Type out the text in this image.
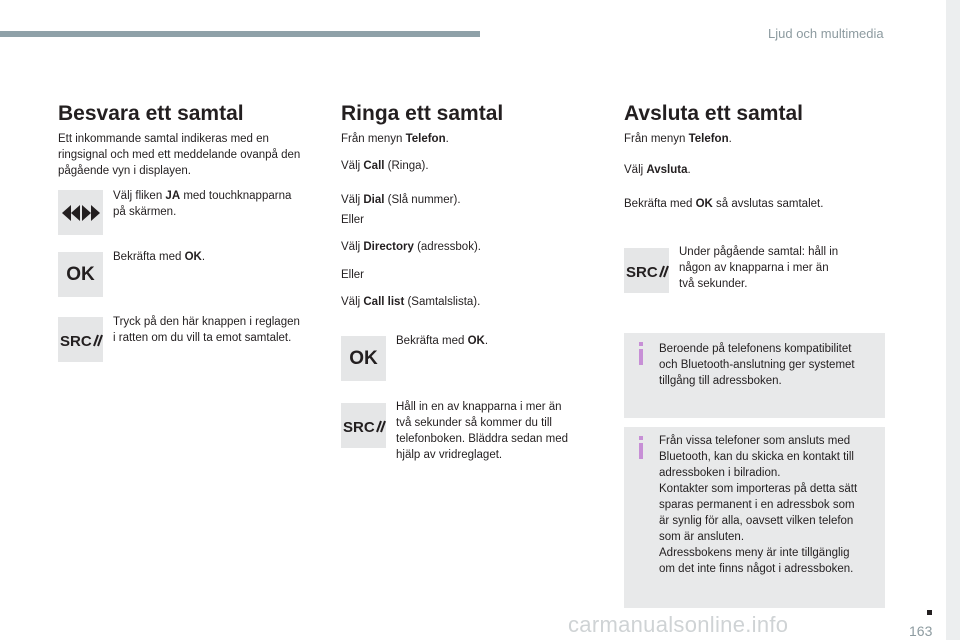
Ljud och multimedia
Besvara ett samtal
Ett inkommande samtal indikeras med en
ringsignal och med ett meddelande ovanpå den
pågående vyn i displayen.
Välj fliken JA med touchknapparna
på skärmen.
OK
Bekräfta med OK.
SRC
Tryck på den här knappen i reglagen
i ratten om du vill ta emot samtalet.
Ringa ett samtal
Från menyn Telefon.
Välj Call (Ringa).
Välj Dial (Slå nummer).
Eller
Välj Directory (adressbok).
Eller
Välj Call list (Samtalslista).
OK
Bekräfta med OK.
SRC
Håll in en av knapparna i mer än
två sekunder så kommer du till
telefonboken. Bläddra sedan med
hjälp av vridreglaget.
Avsluta ett samtal
Från menyn Telefon.
Välj Avsluta.
Bekräfta med OK så avslutas samtalet.
SRC
Under pågående samtal: håll in
någon av knapparna i mer än
två sekunder.
Beroende på telefonens kompatibilitet
och Bluetooth-anslutning ger systemet
tillgång till adressboken.
Från vissa telefoner som ansluts med
Bluetooth, kan du skicka en kontakt till
adressboken i bilradion.
Kontakter som importeras på detta sätt
sparas permanent i en adressbok som
är synlig för alla, oavsett vilken telefon
som är ansluten.
Adressbokens meny är inte tillgänglig
om det inte finns något i adressboken.
carmanualsonline.info	163
